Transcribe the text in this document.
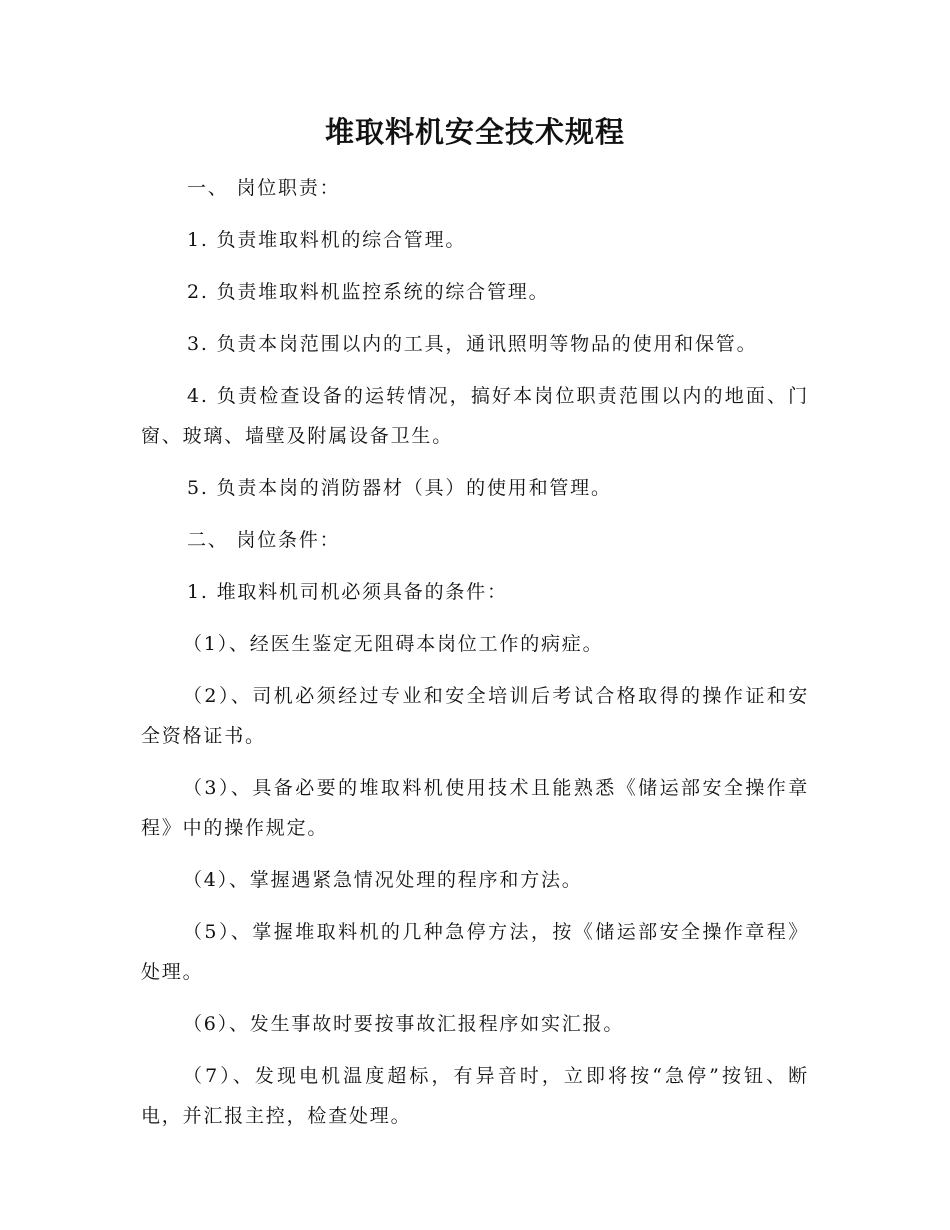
堆取料机安全技术规程

一、 岗位职责：

1. 负责堆取料机的综合管理。

2. 负责堆取料机监控系统的综合管理。

3. 负责本岗范围以内的工具，通讯照明等物品的使用和保管。

4. 负责检查设备的运转情况，搞好本岗位职责范围以内的地面、门窗、玻璃、墙壁及附属设备卫生。

5. 负责本岗的消防器材（具）的使用和管理。

二、 岗位条件：

1. 堆取料机司机必须具备的条件：

（1）、经医生鉴定无阻碍本岗位工作的病症。

（2）、司机必须经过专业和安全培训后考试合格取得的操作证和安全资格证书。

（3）、具备必要的堆取料机使用技术且能熟悉《储运部安全操作章程》中的操作规定。

（4）、掌握遇紧急情况处理的程序和方法。

（5）、掌握堆取料机的几种急停方法，按《储运部安全操作章程》处理。

（6）、发生事故时要按事故汇报程序如实汇报。

（7）、发现电机温度超标，有异音时，立即将按“急停”按钮、断电，并汇报主控，检查处理。
